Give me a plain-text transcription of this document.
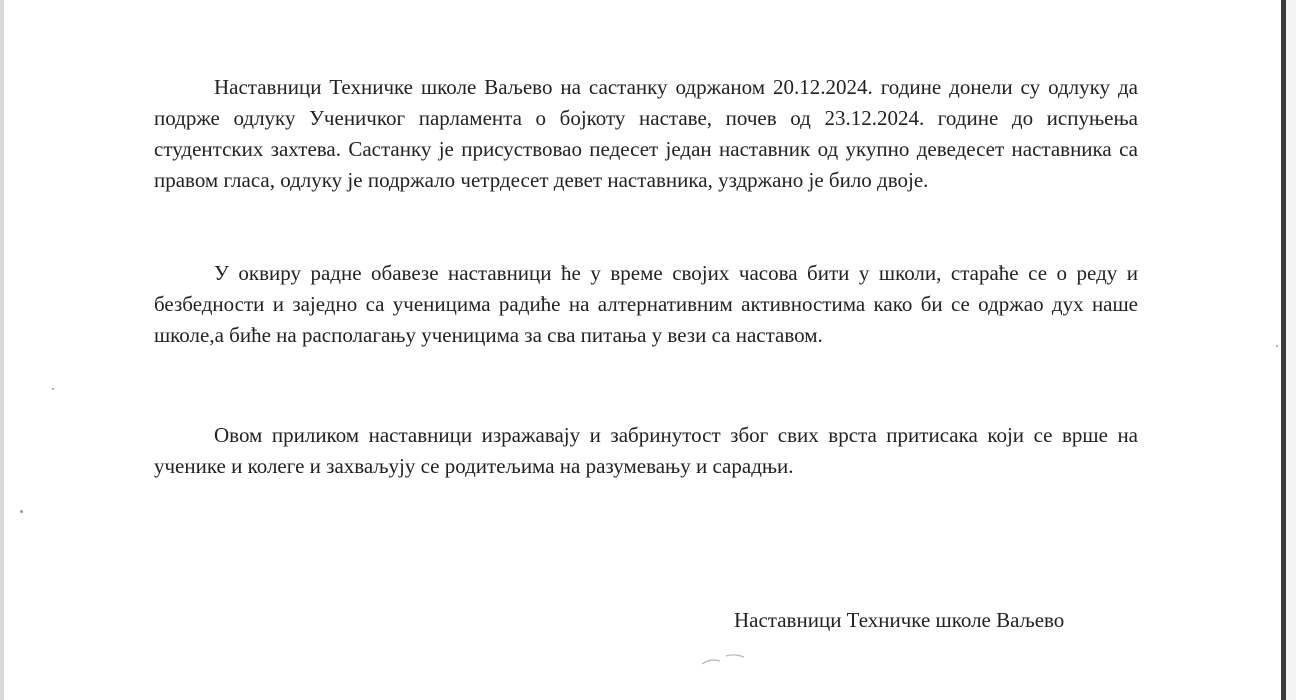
Наставници Техничке школе Ваљево на састанку одржаном 20.12.2024. године донели су одлуку да подрже одлуку Ученичког парламента о бојкоту наставе, почев од 23.12.2024. године до испуњења студентских захтева. Састанку је присуствовао педесет један наставник од укупно деведесет наставника са правом гласа, одлуку је подржало четрдесет девет наставника, уздржано је било двоје.

У оквиру радне обавезе наставници ће у време својих часова бити у школи, стараће се о реду и безбедности и заједно са ученицима радиће на алтернативним активностима како би се одржао дух наше школе,а биће на располагању ученицима за сва питања у вези са наставом.

Овом приликом наставници изражавају и забринутост због свих врста притисака који се врше на ученике и колеге и захваљују се родитељима на разумевању и сарадњи.

Наставници Техничке школе Ваљево
